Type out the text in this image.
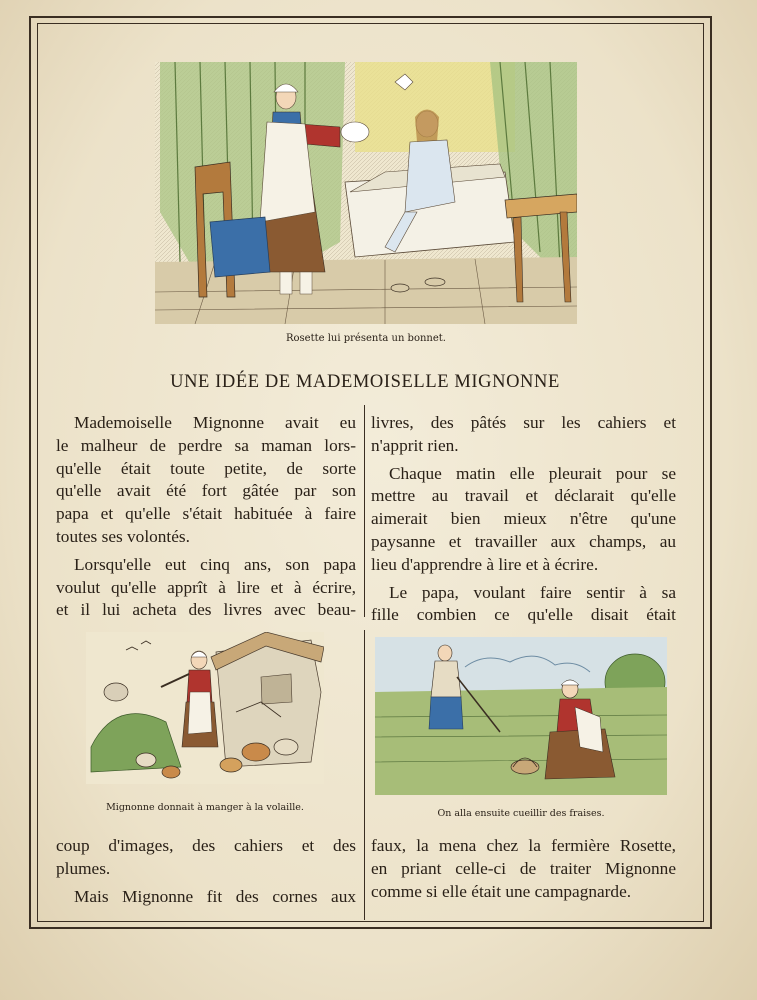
Rosette lui présenta un bonnet.
UNE IDÉE DE MADEMOISELLE MIGNONNE
Mademoiselle Mignonne avait eu
le malheur de perdre sa maman lors-
qu'elle était toute petite, de sorte
qu'elle avait été fort gâtée par son
papa et qu'elle s'était habituée à faire
toutes ses volontés.
Lorsqu'elle eut cinq ans, son papa
voulut qu'elle apprît à lire et à écrire,
et il lui acheta des livres avec beau-
livres, des pâtés sur les cahiers et
n'apprit rien.
Chaque matin elle pleurait pour se
mettre au travail et déclarait qu'elle
aimerait bien mieux n'être qu'une
paysanne et travailler aux champs, au
lieu d'apprendre à lire et à écrire.
Le papa, voulant faire sentir à sa
fille combien ce qu'elle disait était
Mignonne donnait à manger à la volaille.
On alla ensuite cueillir des fraises.
coup d'images, des cahiers et des
plumes.
Mais Mignonne fit des cornes aux
faux, la mena chez la fermière Rosette,
en priant celle-ci de traiter Mignonne
comme si elle était une campagnarde.
